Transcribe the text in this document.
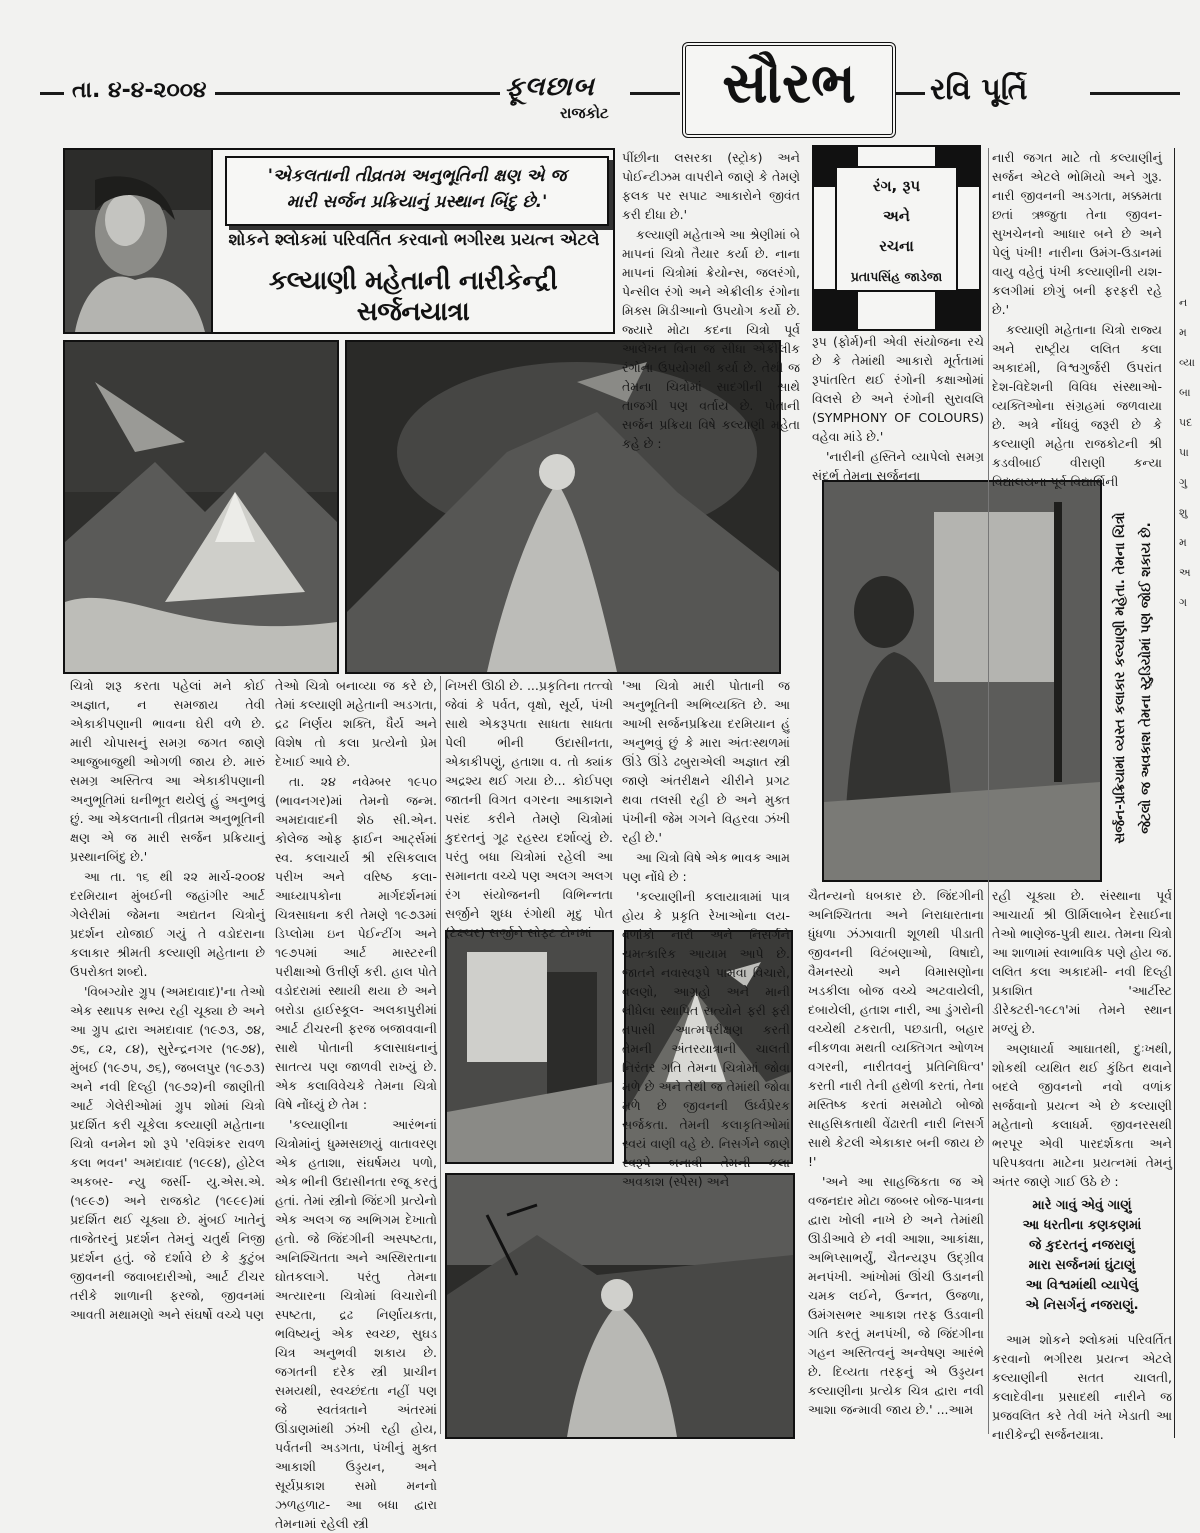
તા. ૪-૪-૨૦૦૪	ફૂલછાબ
રાજકોટ	સૌરભ	રવિ પૂર્તિ
'એકલતાની તીવ્રતમ અનુભૂતિની ક્ષણ એ જ
મારી સર્જન પ્રક્રિયાનું પ્રસ્થાન બિંદુ છે.'
શોકને શ્લોકમાં પરિવર્તિત કરવાનો ભગીરથ પ્રયત્ન એટલે
કલ્યાણી મહેતાની નારીકેન્દ્રી સર્જનયાત્રા
રંગ, રૂપ
અને
રચના
પ્રતાપસિંહ જાડેજા
સર્જન-પ્રક્રિયામાં વ્યસ્ત કલાકાર કલ્યાણી મહેતા. તેમના ચિત્રો જેટલો જ અવકાશ તેમના સ્ટુડિયોમાં પણ જોઈ શકાય છે.

ચિત્રો શરૂ કરતા પહેલાં મને કોઈ અજ્ઞાત, ન સમજાય તેવી એકાકીપણાની ભાવના ઘેરી વળે છે. મારી ચોપાસનું સમગ્ર જગત જાણે આજુબાજુથી ઓગળી જાય છે. મારું સમગ્ર અસ્તિત્વ આ એકાકીપણાની અનુભૂતિમાં ઘનીભૂત થયેલું હું અનુભવું છું. આ એકલતાની તીવ્રતમ અનુભૂતિની ક્ષણ એ જ મારી સર્જન પ્રક્રિયાનું પ્રસ્થાનબિંદુ છે.'

આ તા. ૧૬ થી ૨૨ માર્ચ-૨૦૦૪ દરમિયાન મુંબઈની જહાંગીર આર્ટ ગેલેરીમાં જેમના અદ્યતન ચિત્રોનું પ્રદર્શન યોજાઈ ગયું તે વડોદરાના કલાકાર શ્રીમતી કલ્યાણી મહેતાના છે ઉપરોક્ત શબ્દો.

'વિબગ્યોર ગ્રુપ (અમદાવાદ)'ના તેઓ એક સ્થાપક સભ્ય રહી ચૂક્યા છે અને આ ગ્રુપ દ્વારા અમદાવાદ (૧૯૭૩, ૭૪, ૭૬, ૮૨, ૮૪), સુરેન્દ્રનગર (૧૯૭૪), મુંબઈ (૧૯૭૫, ૭૬), જબલપુર (૧૯૭૩) અને નવી દિલ્હી (૧૯૭૨)ની જાણીતી આર્ટ ગેલેરીઓમાં ગ્રુપ શોમાં ચિત્રો પ્રદર્શિત કરી ચૂકેલા કલ્યાણી મહેતાના ચિત્રો વનમેન શો રૂપે 'રવિશંકર રાવળ કલા ભવન' અમદાવાદ (૧૯૯૪), હોટેલ અકબર- ન્યુ જર્સી- યુ.એસ.એ. (૧૯૯૭) અને રાજકોટ (૧૯૯૯)માં પ્રદર્શિત થઈ ચૂક્યા છે. મુંબઈ ખાતેનું તાજેતરનું પ્રદર્શન તેમનું ચતુર્થ નિજી પ્રદર્શન હતું. જે દર્શાવે છે કે કુટુંબ જીવનની જવાબદારીઓ, આર્ટ ટીચર તરીકે શાળાની ફરજો, જીવનમાં આવતી મથામણો અને સંઘર્ષો વચ્ચે પણ

તેઓ ચિત્રો બનાવ્યા જ કરે છે, તેમાં કલ્યાણી મહેતાની અડગતા, દ્રઢ નિર્ણય શક્તિ, ધૈર્ય અને વિશેષ તો કલા પ્રત્યેનો પ્રેમ દેખાઈ આવે છે.

તા. ૨૪ નવેમ્બર ૧૯૫૦ (ભાવનગર)માં તેમનો જન્મ. અમદાવાદની શેઠ સી.એન. કોલેજ ઓફ ફાઈન આર્ટ્સમાં સ્વ. કલાચાર્ય શ્રી રસિકલાલ પરીખ અને વરિષ્ઠ કલા-આધ્યાપકોના માર્ગદર્શનમાં ચિત્રસાધના કરી તેમણે ૧૯૭૩માં ડિપ્લોમા ઇન પેઈન્ટીંગ અને ૧૯૭૫માં આર્ટ માસ્ટરની પરીક્ષાઓ ઉત્તીર્ણ કરી. હાલ પોતે વડોદરામાં સ્થાયી થયા છે અને બરોડા હાઈસ્કૂલ- અલકાપુરીમાં આર્ટ ટીચરની ફરજ બજાવવાની સાથે પોતાની કલાસાધનાનું સાતત્ય પણ જાળવી રાખ્યું છે. એક કલાવિવેચકે તેમના ચિત્રો વિષે નોંધ્યું છે તેમ :

'કલ્યાણીના આરંભનાં ચિત્રોમાંનું ધુમ્મસછાયું વાતાવરણ એક હતાશા, સંઘર્ષમય પળો, એક ભીની ઉદાસીનતા રજૂ કરતું હતાં. તેમાં સ્ત્રીનો જિંદગી પ્રત્યેનો એક અલગ જ અભિગમ દેખાતો હતો. જે જિંદગીની અસ્પષ્ટતા, અનિશ્ચિતતા અને અસ્થિરતાના ઘોતકલાગે. પરંતુ તેમના અત્યારના ચિત્રોમાં વિચારોની સ્પષ્ટતા, દ્રઢ નિર્ણાયકતા, ભવિષ્યનું એક સ્વચ્છ, સુઘડ ચિત્ર અનુભવી શકાય છે. જગતની દરેક સ્ત્રી પ્રાચીન સમયથી, સ્વચ્છંદતા નહીં પણ જે સ્વતંત્રતાને અંતરમાં ઊંડાણમાંથી ઝંખી રહી હોય, પર્વતની અડગતા, પંખીનું મુક્ત આકાશી ઉડ્ડયન, અને સૂર્યપ્રકાશ સમો મનનો ઝળહળાટ- આ બધા દ્વારા તેમનામાં રહેલી સ્ત્રી

પીંછીના લસરકા (સ્ટ્રોક) અને પોઈન્ટીઝમ વાપરીને જાણે કે તેમણે ફલક પર સપાટ આકારોને જીવંત કરી દીધા છે.'

કલ્યાણી મહેતાએ આ શ્રેણીમાં બે માપનાં ચિત્રો તૈયાર કર્યા છે. નાના માપનાં ચિત્રોમાં ક્રેયોન્સ, જલરંગો, પેન્સીલ રંગો અને એક્રીલીક રંગોના મિક્સ મિડીઆનો ઉપયોગ કર્યો છે. જ્યારે મોટા કદના ચિત્રો પૂર્વ આલેખન વિના જ સીધા એક્રીલીક રંગોના ઉપયોગથી કર્યા છે. તેથી જ તેમના ચિત્રોમાં સાદગીની સાથે તાજગી પણ વર્તાય છે. પોતાની સર્જન પ્રક્રિયા વિષે કલ્યાણી મહેતા કહે છે :

'આ ચિત્રો મારી પોતાની જ અનુભૂતિની અભિવ્યક્તિ છે. આ આખી સર્જનપ્રક્રિયા દરમિયાન હું અનુભવું છું કે મારા અંતઃસ્થળમાં ઊંડે ઊંડે ઢબુરાએલી અજ્ઞાત સ્ત્રી જાણે અંતરીક્ષને ચીરીને પ્રગટ થવા તલસી રહી છે અને મુક્ત પંખીની જેમ ગગને વિહરવા ઝંખી રહી છે.'

આ ચિત્રો વિષે એક ભાવક આમ પણ નોંધે છે :

'કલ્યાણીની કલાયાત્રામાં પાત્ર હોય કે પ્રકૃતિ રેખાઓના લય-વળાંકો નારી અને નિસર્ગને ચમત્કારિક આયામ આપે છે. જાતને નવાસ્વરૂપે પામવા વિચારો, વલણો, આગ્રહો અને માની લીધેલા સ્થાપિત સત્યોને ફરી ફરી તપાસી આત્મપરીક્ષણ કરતી તેમની અંતરયાત્રાની ચાલતી નિરંતર ગતિ તેમના ચિત્રોમાં જોવા મળે છે અને તેથી જ તેમાંથી જોવા મળે છે જીવનની ઉર્ધ્વપ્રેરક સર્જકતા. તેમની કલાકૃતિઓમાં સ્વયં વાણી વહે છે. નિસર્ગને જાણે સ્વરૂપે બનાવી તેમની કલા અવકાશ (સ્પેસ) અને

નિખરી ઊઠી છે. ...પ્રકૃતિના તત્ત્વો જેવાં કે પર્વત, વૃક્ષો, સૂર્ય, પંખી સાથે એકરૂપતા સાધતા સાધતા પેલી ભીની ઉદાસીનતા, એકાકીપણું, હતાશા વ. તો ક્યાંક અદ્રશ્ય થઈ ગયા છે... કોઈપણ જાતની વિગત વગરના આકાશને પસંદ કરીને તેમણે ચિત્રોમાં કુદરતનું ગૂઢ રહસ્ય દર્શાવ્યું છે. પરંતુ બધા ચિત્રોમાં રહેલી આ સમાનતા વચ્ચે પણ અલગ અલગ રંગ સંયોજનની વિભિન્નતા સર્જીને શુધ્ધ રંગોથી મૃદુ પોત (ટેક્ષ્ચર) સર્જીને સોફ્ટ ટોનમાં

રૂપ (ફોર્મ)ની એવી સંયોજના રચે છે કે તેમાંથી આકારો મૂર્તતામાં રૂપાંતરિત થઈ રંગોની કક્ષાઓમાં વિલસે છે અને રંગોની સુરાવલિ (SYMPHONY OF COLOURS) વહેવા માંડે છે.'

'નારીની હસ્તિને વ્યાપેલો સમગ્ર સંદર્ભ તેમના સર્જનના

ચૈતન્યનો ધબકાર છે. જિંદગીની અનિશ્ચિતતા અને નિરાધારતાના ધુંધળા ઝંઝાવાતી શૂળથી પીડાતી જીવનની વિટંબણાઓ, વિષાદો, વૈમનસ્યો અને વિમાસણોના ખડકીલા બોજ વચ્ચે અટવાયેલી, દબાયેલી, હતાશ નારી, આ ડુંગરોની વચ્ચેથી ટકરાતી, પછડાતી, બહાર નીકળવા મથતી વ્યક્તિગત ઓળખ વગરની, નારીતવનું પ્રતિનિધિત્વ' કરતી નારી તેની હથેળી કરતાં, તેના મસ્તિષ્ક કરતાં મસમોટો બોજો સાહસિકતાથી વેંઢારતી નારી નિસર્ગ સાથે કેટલી એકાકાર બની જાય છે !'

'અને આ સાહજિકતા જ એ વજનદાર મોટા જબ્બર બોજ-પાત્રના દ્વારા ખોલી નાખે છે અને તેમાંથી ઊડીઆવે છે નવી આશા, આકાંક્ષા, અભિપ્સાભર્યું, ચૈતન્યરૂપ ઉદ્ગ્રીવ મનપંખી. આંખોમાં ઊંચી ઉડાનની ચમક લઈને, ઉન્નત, ઉજળા, ઉમંગસભર આકાશ તરફ ઉડવાની ગતિ કરતું મનપંખી, જે જિંદગીના ગહન અસ્તિત્વનું અન્વેષણ આરંભે છે. દિવ્યતા તરફનું એ ઉડ્ડયન કલ્યાણીના પ્રત્યેક ચિત્ર દ્વારા નવી આશા જન્માવી જાય છે.' ...આમ

નારી જગત માટે તો કલ્યાણીનું સર્જન એટલે ભોમિયો અને ગુરૂ. નારી જીવનની અડગતા, મક્કમતા છતાં ઋજુતા તેના જીવન-સુખચેનનો આધાર બને છે અને પેલું પંખી! નારીના ઉમંગ-ઉડાનમાં વાયુ વહેતું પંખી કલ્યાણીની યશ-કલગીમાં છોગું બની ફરફરી રહે છે.'

કલ્યાણી મહેતાના ચિત્રો રાજ્ય અને રાષ્ટ્રીય લલિત કલા અકાદમી, વિશ્વગુર્જરી ઉપરાંત દેશ-વિદેશની વિવિધ સંસ્થાઓ- વ્યક્તિઓના સંગ્રહમાં જળવાયા છે. અત્રે નોંધવું જરૂરી છે કે કલ્યાણી મહેતા રાજકોટની શ્રી કડવીબાઈ વીરાણી કન્યા વિદ્યાલયના પૂર્વ વિદ્યાર્થિની

રહી ચૂક્યા છે. સંસ્થાના પૂર્વ આચાર્યા શ્રી ઊર્મિલાબેન દેસાઈના તેઓ ભાણેજ-પુત્રી થાય. તેમના ચિત્રો આ શાળામાં સ્વાભાવિક પણે હોય જ. લલિત કલા અકાદમી- નવી દિલ્હી પ્રકાશિત 'આર્ટીસ્ટ ડીરેક્ટરી-૧૯૮૧'માં તેમને સ્થાન મળ્યું છે.

અણધાર્યા આઘાતથી, દુઃખથી, શોકથી વ્યથિત થઈ કુંઠિત થવાને બદલે જીવનનો નવો વળાંક સર્જવાનો પ્રયત્ન એ છે કલ્યાણી મહેતાનો કલાધર્મ. જીવનરસથી ભરપૂર એવી પારદર્શકતા અને પરિપક્વતા માટેના પ્રયત્નમાં તેમનું અંતર જાણે ગાઈ ઉઠે છે :

મારે ગાવું એવું ગાણું
આ ધરતીના કણકણમાં
જે કુદરતનું નજરાણું
મારા સર્જનમાં ઘુંટાણું
આ વિશ્વમાંથી વ્યાપેલું
એ નિસર્ગનું નજરાણું.

આમ શોકને શ્લોકમાં પરિવર્તિત કરવાનો ભગીરથ પ્રયત્ન એટલે કલ્યાણીની સતત ચાલતી, કલાદેવીના પ્રસાદથી નારીને જ પ્રજવલિત કરે તેવી ખંતે ખેડાતી આ નારીકેન્દ્રી સર્જનયાત્રા.

નમ વ્યા બા પદ પા ગુ શુ મ અ ગ
